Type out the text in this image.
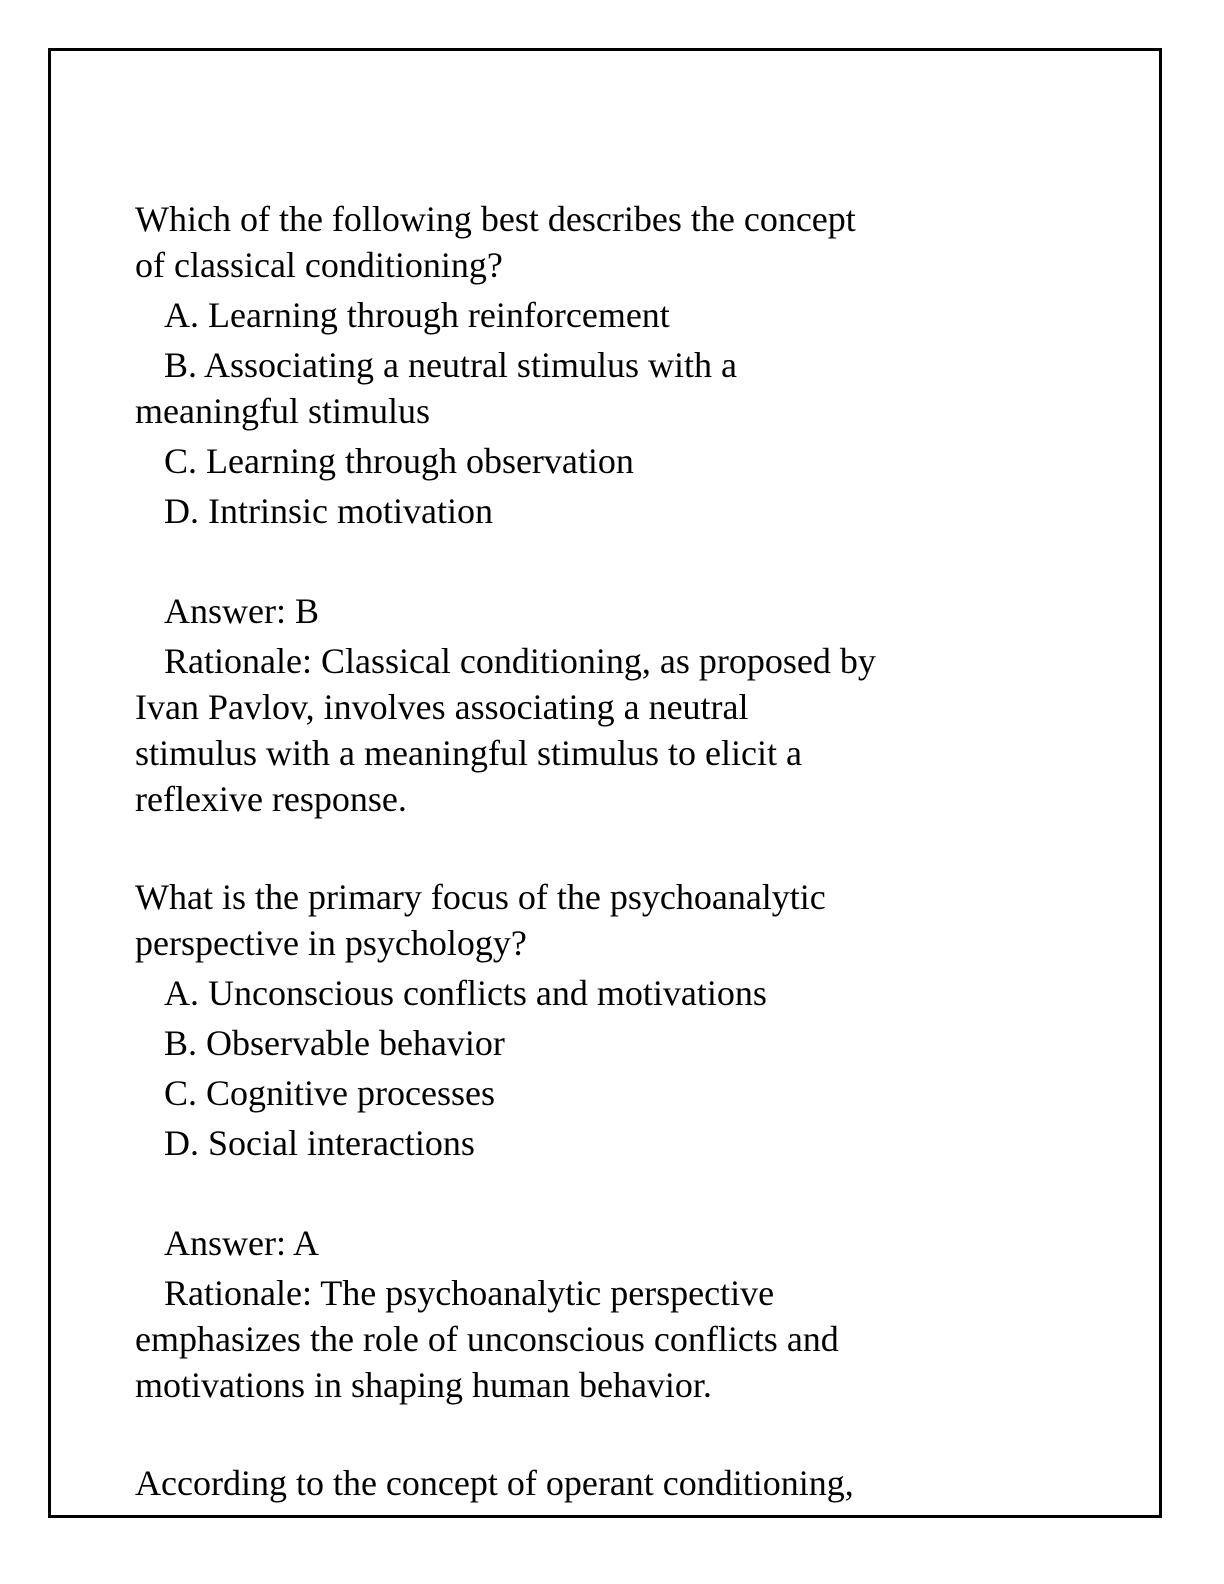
Which of the following best describes the concept
of classical conditioning?
A. Learning through reinforcement
B. Associating a neutral stimulus with a
meaningful stimulus
C. Learning through observation
D. Intrinsic motivation
Answer: B
Rationale: Classical conditioning, as proposed by
Ivan Pavlov, involves associating a neutral
stimulus with a meaningful stimulus to elicit a
reflexive response.
What is the primary focus of the psychoanalytic
perspective in psychology?
A. Unconscious conflicts and motivations
B. Observable behavior
C. Cognitive processes
D. Social interactions
Answer: A
Rationale: The psychoanalytic perspective
emphasizes the role of unconscious conflicts and
motivations in shaping human behavior.
According to the concept of operant conditioning,
